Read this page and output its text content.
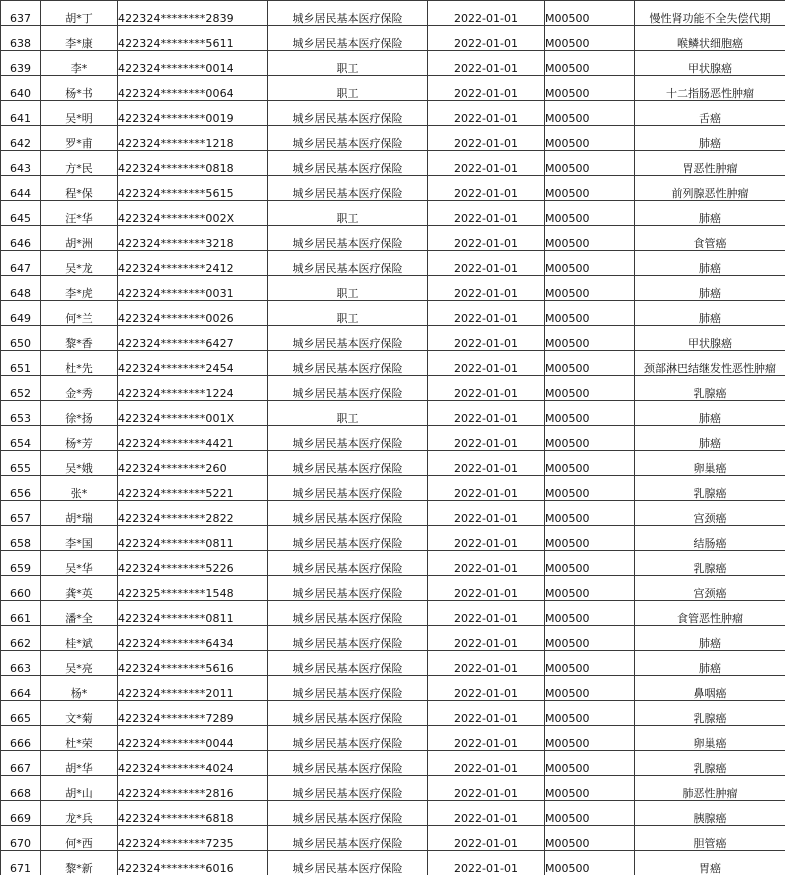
637	胡*丁	422324********2839	城乡居民基本医疗保险	2022-01-01	M00500	慢性肾功能不全失偿代期
638	李*康	422324********5611	城乡居民基本医疗保险	2022-01-01	M00500	喉鳞状细胞癌
639	李*	422324********0014	职工	2022-01-01	M00500	甲状腺癌
640	杨*书	422324********0064	职工	2022-01-01	M00500	十二指肠恶性肿瘤
641	吴*明	422324********0019	城乡居民基本医疗保险	2022-01-01	M00500	舌癌
642	罗*甫	422324********1218	城乡居民基本医疗保险	2022-01-01	M00500	肺癌
643	方*民	422324********0818	城乡居民基本医疗保险	2022-01-01	M00500	胃恶性肿瘤
644	程*保	422324********5615	城乡居民基本医疗保险	2022-01-01	M00500	前列腺恶性肿瘤
645	汪*华	422324********002X	职工	2022-01-01	M00500	肺癌
646	胡*洲	422324********3218	城乡居民基本医疗保险	2022-01-01	M00500	食管癌
647	吴*龙	422324********2412	城乡居民基本医疗保险	2022-01-01	M00500	肺癌
648	李*虎	422324********0031	职工	2022-01-01	M00500	肺癌
649	何*兰	422324********0026	职工	2022-01-01	M00500	肺癌
650	黎*香	422324********6427	城乡居民基本医疗保险	2022-01-01	M00500	甲状腺癌
651	杜*先	422324********2454	城乡居民基本医疗保险	2022-01-01	M00500	颈部淋巴结继发性恶性肿瘤
652	金*秀	422324********1224	城乡居民基本医疗保险	2022-01-01	M00500	乳腺癌
653	徐*扬	422324********001X	职工	2022-01-01	M00500	肺癌
654	杨*芳	422324********4421	城乡居民基本医疗保险	2022-01-01	M00500	肺癌
655	吴*娥	422324********260	城乡居民基本医疗保险	2022-01-01	M00500	卵巢癌
656	张*	422324********5221	城乡居民基本医疗保险	2022-01-01	M00500	乳腺癌
657	胡*瑞	422324********2822	城乡居民基本医疗保险	2022-01-01	M00500	宫颈癌
658	李*国	422324********0811	城乡居民基本医疗保险	2022-01-01	M00500	结肠癌
659	吴*华	422324********5226	城乡居民基本医疗保险	2022-01-01	M00500	乳腺癌
660	龚*英	422325********1548	城乡居民基本医疗保险	2022-01-01	M00500	宫颈癌
661	潘*全	422324********0811	城乡居民基本医疗保险	2022-01-01	M00500	食管恶性肿瘤
662	桂*斌	422324********6434	城乡居民基本医疗保险	2022-01-01	M00500	肺癌
663	吴*亮	422324********5616	城乡居民基本医疗保险	2022-01-01	M00500	肺癌
664	杨*	422324********2011	城乡居民基本医疗保险	2022-01-01	M00500	鼻咽癌
665	文*菊	422324********7289	城乡居民基本医疗保险	2022-01-01	M00500	乳腺癌
666	杜*荣	422324********0044	城乡居民基本医疗保险	2022-01-01	M00500	卵巢癌
667	胡*华	422324********4024	城乡居民基本医疗保险	2022-01-01	M00500	乳腺癌
668	胡*山	422324********2816	城乡居民基本医疗保险	2022-01-01	M00500	肺恶性肿瘤
669	龙*兵	422324********6818	城乡居民基本医疗保险	2022-01-01	M00500	胰腺癌
670	何*西	422324********7235	城乡居民基本医疗保险	2022-01-01	M00500	胆管癌
671	黎*新	422324********6016	城乡居民基本医疗保险	2022-01-01	M00500	胃癌
